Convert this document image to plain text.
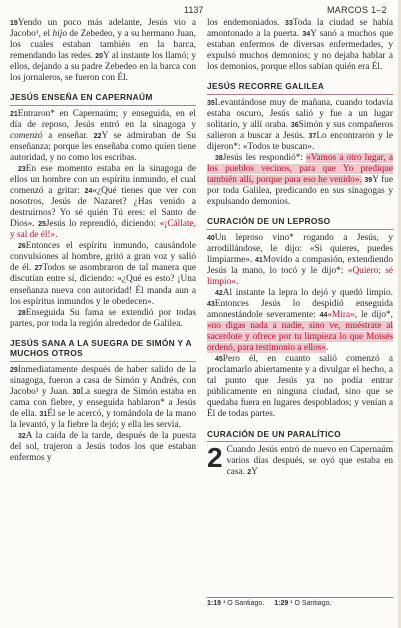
1137	MARCOS 1–2

19Yendo un poco más adelante, Jesús vio a Jacobo¹, el hijo de Zebedeo, y a su hermano Juan, los cuales estaban también en la barca, remendando las redes. 20Y al instante los llamó; y ellos, dejando a su padre Zebedeo en la barca con los jornaleros, se fueron con Él.

JESÚS ENSEÑA EN CAPERNAÚM

21Entraron* en Capernaúm; y enseguida, en el día de reposo, Jesús entró en la sinagoga y comenzó a enseñar. 22Y se admiraban de Su enseñanza; porque les enseñaba como quien tiene autoridad, y no como los escribas.

23En ese momento estaba en la sinagoga de ellos un hombre con un espíritu inmundo, el cual comenzó a gritar: 24«¿Qué tienes que ver con nosotros, Jesús de Nazaret? ¿Has venido a destruirnos? Yo sé quién Tú eres: el Santo de Dios». 25Jesús lo reprendió, diciendo: «¡Cállate, y sal de él!».

26Entonces el espíritu inmundo, causándole convulsiones al hombre, gritó a gran voz y salió de él. 27Todos se asombraron de tal manera que discutían entre sí, diciendo: «¿Qué es esto? ¡Una enseñanza nueva con autoridad! Él manda aun a los espíritus inmundos y le obedecen».

28Enseguida Su fama se extendió por todas partes, por toda la región alrededor de Galilea.

JESÚS SANA A LA SUEGRA DE SIMÓN Y A MUCHOS OTROS

29Inmediatamente después de haber salido de la sinagoga, fueron a casa de Simón y Andrés, con Jacobo¹ y Juan. 30La suegra de Simón estaba en cama con fiebre, y enseguida hablaron* a Jesús de ella. 31Él se le acercó, y tomándola de la mano la levantó, y la fiebre la dejó; y ella les servía.

32A la caída de la tarde, después de la puesta del sol, trajeron a Jesús todos los que estaban enfermos y

los endemoniados. 33Toda la ciudad se había amontonado a la puerta. 34Y sanó a muchos que estaban enfermos de diversas enfermedades, y expulsó muchos demonios; y no dejaba hablar a los demonios, porque ellos sabían quién era Él.

JESÚS RECORRE GALILEA

35Levantándose muy de mañana, cuando todavía estaba oscuro, Jesús salió y fue a un lugar solitario, y allí oraba. 36Simón y sus compañeros salieron a buscar a Jesús. 37Lo encontraron y le dijeron*: «Todos te buscan».

38Jesús les respondió*: «Vamos a otro lugar, a los pueblos vecinos, para que Yo predique también allí, porque para eso he venido». 39Y fue por toda Galilea, predicando en sus sinagogas y expulsando demonios.

CURACIÓN DE UN LEPROSO

40Un leproso vino* rogando a Jesús, y arrodillándose, le dijo: «Si quieres, puedes limpiarme». 41Movido a compasión, extendiendo Jesús la mano, lo tocó y le dijo*: «Quiero; sé limpio».

42Al instante la lepra lo dejó y quedó limpio. 43Entonces Jesús lo despidió enseguida amonestándole severamente: 44«Mira», le dijo*, «no digas nada a nadie, sino ve, muéstrate al sacerdote y ofrece por tu limpieza lo que Moisés ordenó, para testimonio a ellos».

45Pero él, en cuanto salió comenzó a proclamarlo abiertamente y a divulgar el hecho, a tal punto que Jesús ya no podía entrar públicamente en ninguna ciudad, sino que se quedaba fuera en lugares despoblados; y venían a Él de todas partes.

CURACIÓN DE UN PARALÍTICO

2 Cuando Jesús entró de nuevo en Capernaúm varios días después, se oyó que estaba en casa. 2Y

1:19 ¹ O Santiago. 1:29 ¹ O Santiago.
